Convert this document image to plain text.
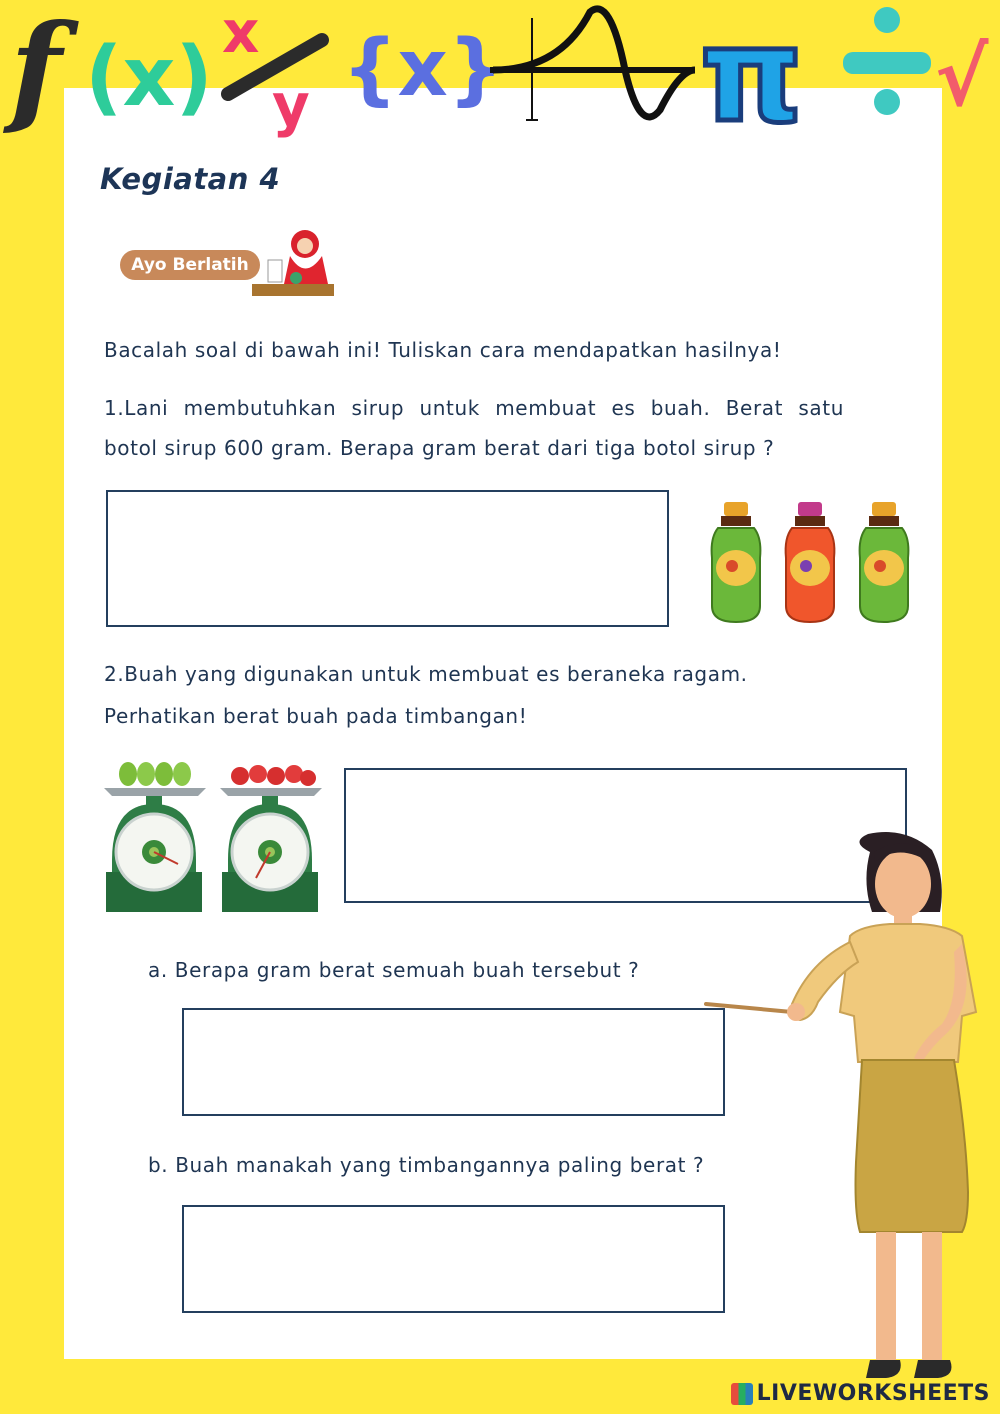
f (x) x
y {x} π √
Kegiatan 4
Ayo Berlatih
Bacalah soal di bawah ini! Tuliskan cara mendapatkan hasilnya!
1.Lani membutuhkan sirup untuk membuat es buah. Berat satu
botol sirup 600 gram. Berapa gram berat dari tiga botol sirup ?
2.Buah yang digunakan untuk membuat es beraneka ragam.
Perhatikan berat buah pada timbangan!
a. Berapa gram berat semuah buah tersebut ?
b. Buah manakah yang timbangannya paling berat ?
LIVEWORKSHEETS
